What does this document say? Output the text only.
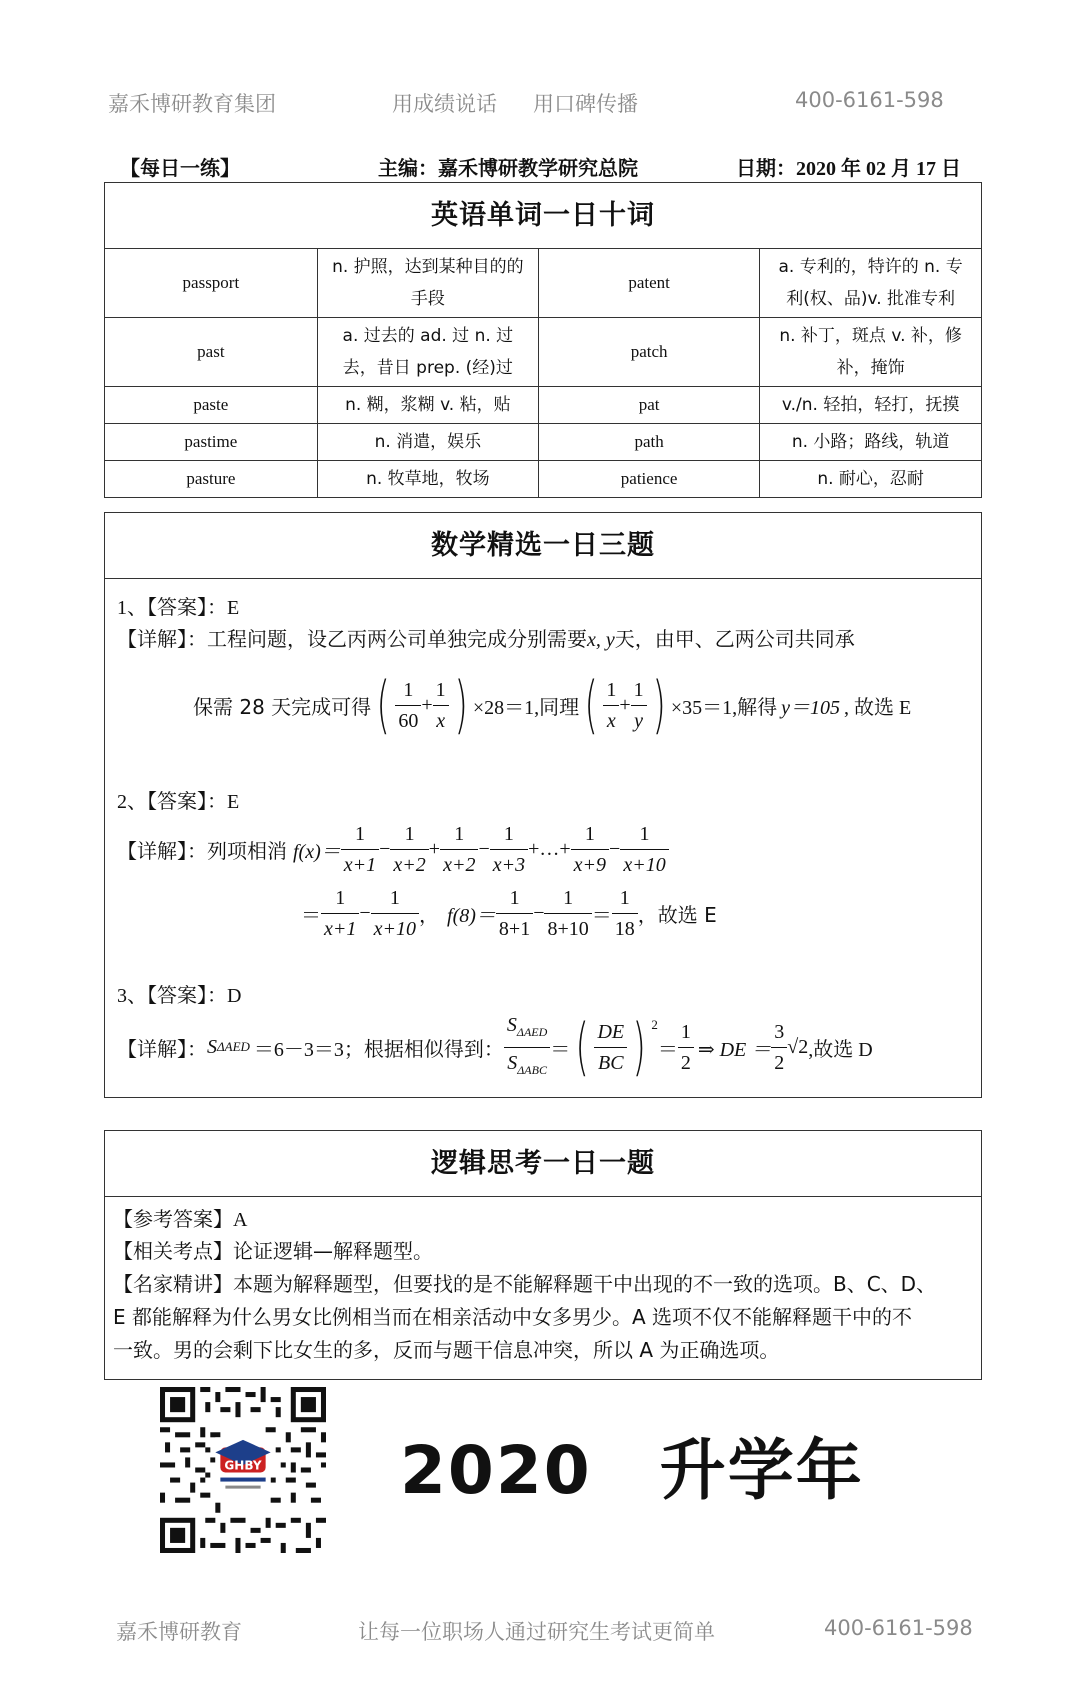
嘉禾博研教育集团	用成绩说话 用口碑传播	400-6161-598
【每日一练】	主编：嘉禾博研教学研究总院	日期：2020 年 02 月 17 日
英语单词一日十词
passport	n. 护照，达到某种目的的手段	patent	a. 专利的，特许的 n. 专利(权、品)v. 批准专利
past	a. 过去的 ad. 过 n. 过去，昔日 prep. (经)过	patch	n. 补丁，斑点 v. 补，修补，掩饰
paste	n. 糊，浆糊 v. 粘，贴	pat	v./n. 轻拍，轻打，抚摸
pastime	n. 消遣，娱乐	path	n. 小路；路线，轨道
pasture	n. 牧草地，牧场	patience	n. 耐心，忍耐
数学精选一日三题
1、【答案】：E
【详解】：工程问题，设乙丙两公司单独完成分别需要x, y天，由甲、乙两公司共同承
保需 28 天完成可得 ( $\frac{1}{60} + \frac{1}{x}$ ) ×28＝1,同理 ( $\frac{1}{x} + \frac{1}{y}$ ) ×35＝1,解得 y＝105 , 故选 E
2、【答案】：E
【详解】：列项相消 $f(x)= \frac{1}{x+1} - \frac{1}{x+2} + \frac{1}{x+2} - \frac{1}{x+3}$ +…+ $\frac{1}{x+9} - \frac{1}{x+10}$
＝ $\frac{1}{x+1} - \frac{1}{x+10}$ ， $f(8)= \frac{1}{8+1} - \frac{1}{8+10} = \frac{1}{18}$ ，故选 E
3、【答案】：D
【详解】： S ΔAED ＝6－3＝3；根据相似得到： $\frac{S_{\Delta AED}}{S_{\Delta ABC}}$ ＝ ( $\frac{DE}{BC}$ ) $^2$
＝ $\frac{1}{2}$ ⇒ DE ＝ $\frac{3}{2} √2$ ,故选 D
逻辑思考一日一题
【参考答案】A
【相关考点】论证逻辑—解释题型。
【名家精讲】本题为解释题型，但要找的是不能解释题干中出现的不一致的选项。B、C、D、
E 都能解释为什么男女比例相当而在相亲活动中女多男少。A 选项不仅不能解释题干中的不
一致。男的会剩下比女生的多，反而与题干信息冲突，所以 A 为正确选项。
GHBY 2020　升学年
嘉禾博研教育	让每一位职场人通过研究生考试更简单	400-6161-598
